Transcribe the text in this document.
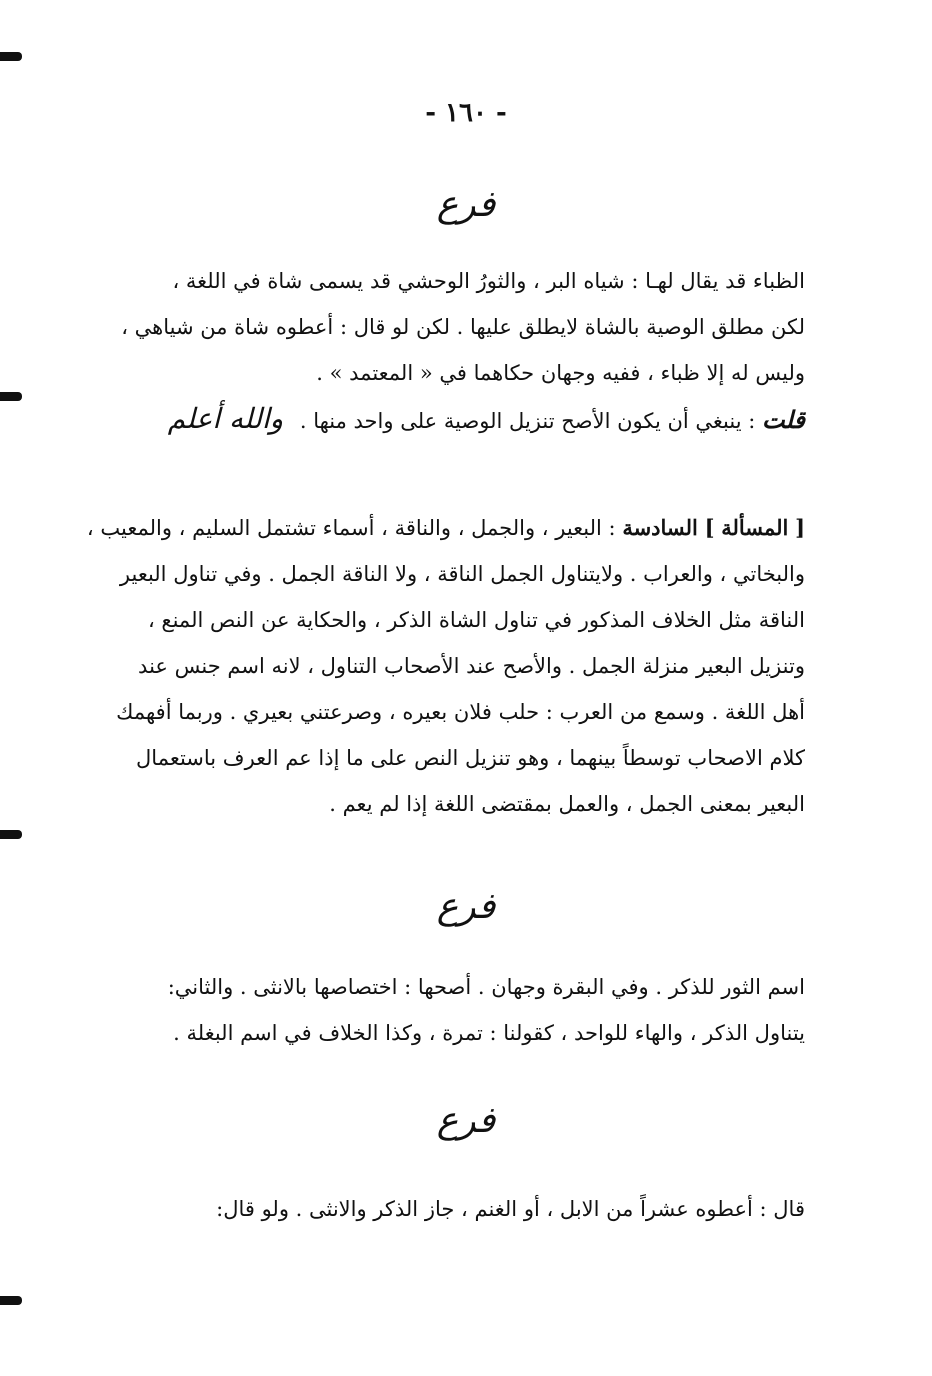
- ١٦٠ -
فرع
الظباء قد يقال لهـا : شياه البر ، والثورُ الوحشي قد يسمى شاة في اللغة ،
لكن مطلق الوصية بالشاة لايطلق عليها . لكن لو قال : أعطوه شاة من شياهي ،
وليس له إلا ظباء ، ففيه وجهان حكاهما في « المعتمد » .
قلت : ينبغي أن يكون الأصح تنزيل الوصية على واحد منها . والله أعلم
[ المسألة ] السادسة : البعير ، والجمل ، والناقة ، أسماء تشتمل السليم ، والمعيب ،
والبخاتي ، والعراب . ولايتناول الجمل الناقة ، ولا الناقة الجمل . وفي تناول البعير
الناقة مثل الخلاف المذكور في تناول الشاة الذكر ، والحكاية عن النص المنع ،
وتنزيل البعير منزلة الجمل . والأصح عند الأصحاب التناول ، لانه اسم جنس عند
أهل اللغة . وسمع من العرب : حلب فلان بعيره ، وصرعتني بعيري . وربما أفهمك
كلام الاصحاب توسطاً بينهما ، وهو تنزيل النص على ما إذا عم العرف باستعمال
البعير بمعنى الجمل ، والعمل بمقتضى اللغة إذا لم يعم .
فرع
اسم الثور للذكر . وفي البقرة وجهان . أصحها : اختصاصها بالانثى . والثاني:
يتناول الذكر ، والهاء للواحد ، كقولنا : تمرة ، وكذا الخلاف في اسم البغلة .
فرع
قال : أعطوه عشراً من الابل ، أو الغنم ، جاز الذكر والانثى . ولو قال:
